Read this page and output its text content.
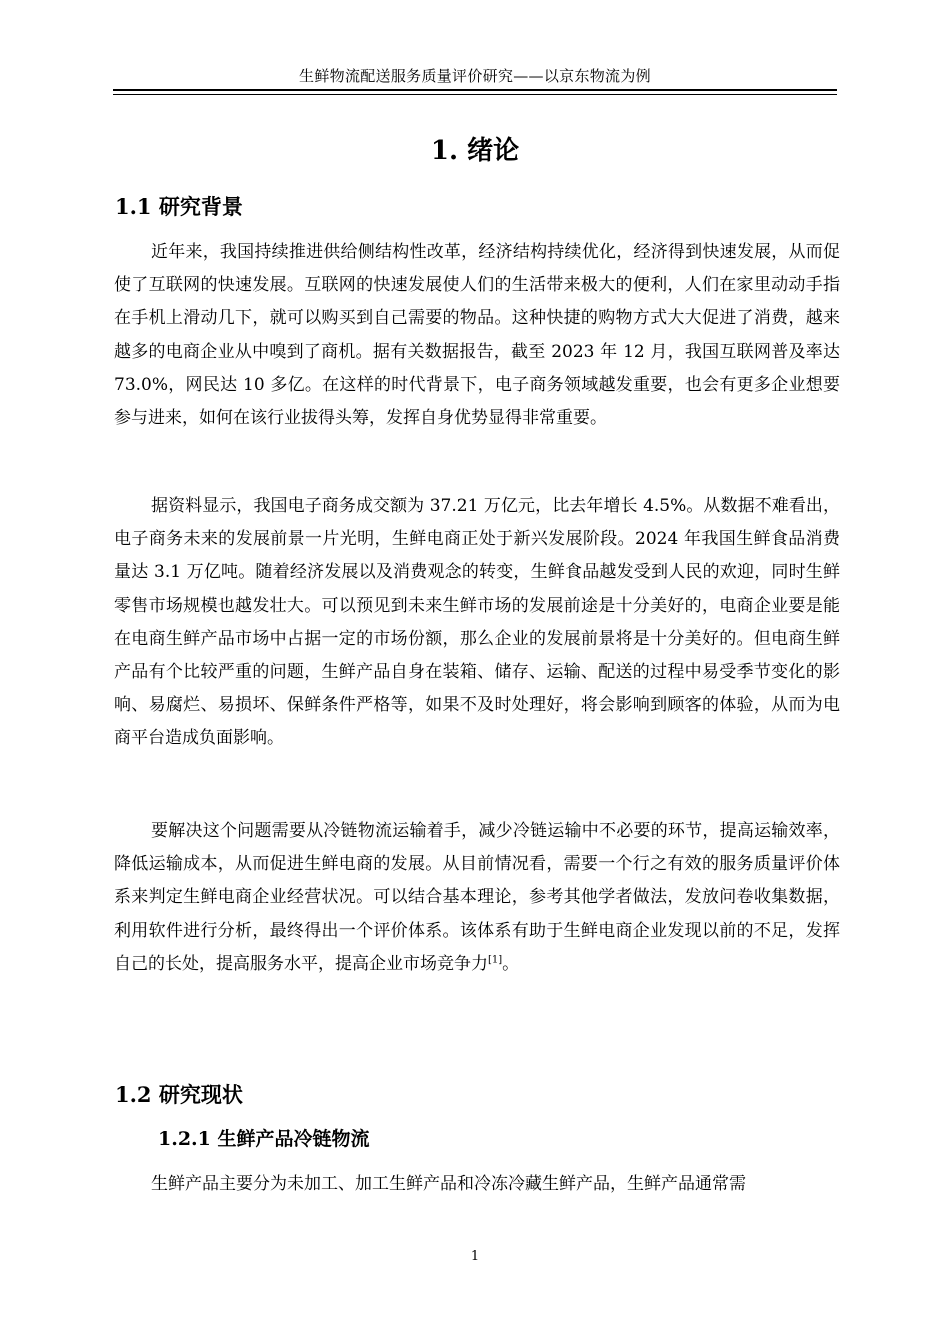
生鲜物流配送服务质量评价研究——以京东物流为例
1. 绪论
1.1 研究背景

近年来，我国持续推进供给侧结构性改革，经济结构持续优化，经济得到快速发展，从而促使了互联网的快速发展。互联网的快速发展使人们的生活带来极大的便利，人们在家里动动手指在手机上滑动几下，就可以购买到自己需要的物品。这种快捷的购物方式大大促进了消费，越来越多的电商企业从中嗅到了商机。据有关数据报告，截至 2023 年 12 月，我国互联网普及率达 73.0%，网民达 10 多亿。在这样的时代背景下，电子商务领域越发重要，也会有更多企业想要参与进来，如何在该行业拔得头筹，发挥自身优势显得非常重要。

据资料显示，我国电子商务成交额为 37.21 万亿元，比去年增长 4.5%。从数据不难看出，电子商务未来的发展前景一片光明，生鲜电商正处于新兴发展阶段。2024 年我国生鲜食品消费量达 3.1 万亿吨。随着经济发展以及消费观念的转变，生鲜食品越发受到人民的欢迎，同时生鲜零售市场规模也越发壮大。可以预见到未来生鲜市场的发展前途是十分美好的，电商企业要是能在电商生鲜产品市场中占据一定的市场份额，那么企业的发展前景将是十分美好的。但电商生鲜产品有个比较严重的问题，生鲜产品自身在装箱、储存、运输、配送的过程中易受季节变化的影响、易腐烂、易损坏、保鲜条件严格等，如果不及时处理好，将会影响到顾客的体验，从而为电商平台造成负面影响。

要解决这个问题需要从冷链物流运输着手，减少冷链运输中不必要的环节，提高运输效率，降低运输成本，从而促进生鲜电商的发展。从目前情况看，需要一个行之有效的服务质量评价体系来判定生鲜电商企业经营状况。可以结合基本理论，参考其他学者做法，发放问卷收集数据，利用软件进行分析，最终得出一个评价体系。该体系有助于生鲜电商企业发现以前的不足，发挥自己的长处，提高服务水平，提高企业市场竞争力[1]。

1.2 研究现状
1.2.1 生鲜产品冷链物流

生鲜产品主要分为未加工、加工生鲜产品和冷冻冷藏生鲜产品，生鲜产品通常需

1
